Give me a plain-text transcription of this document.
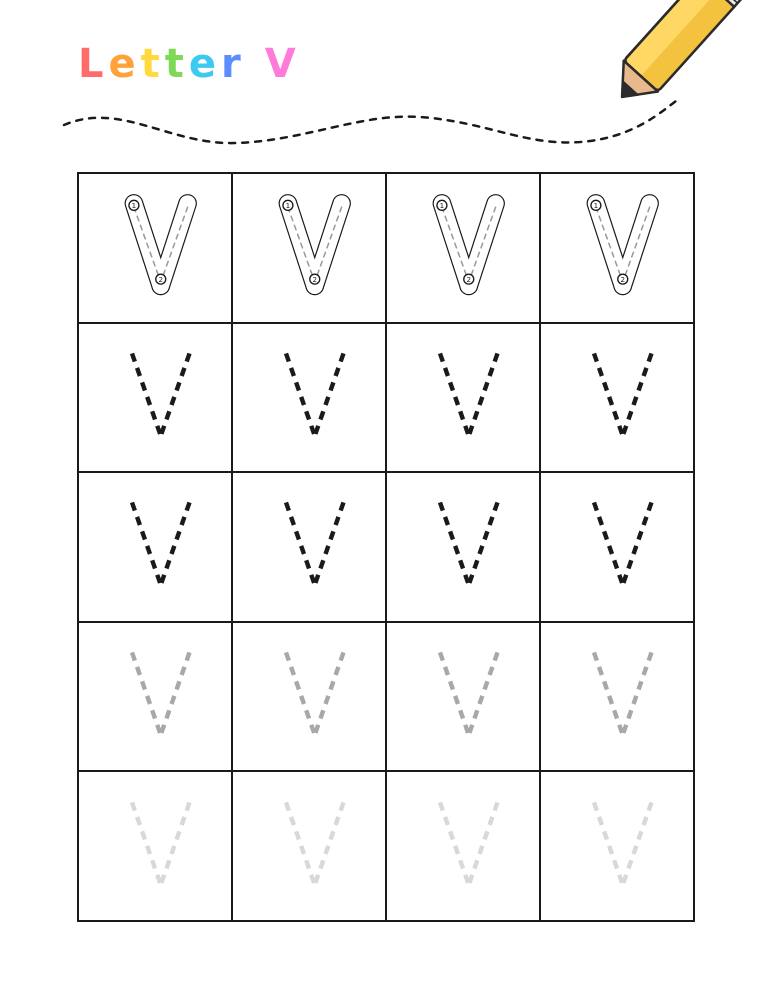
Letter V
1
2
1
2
1
2
1
2
